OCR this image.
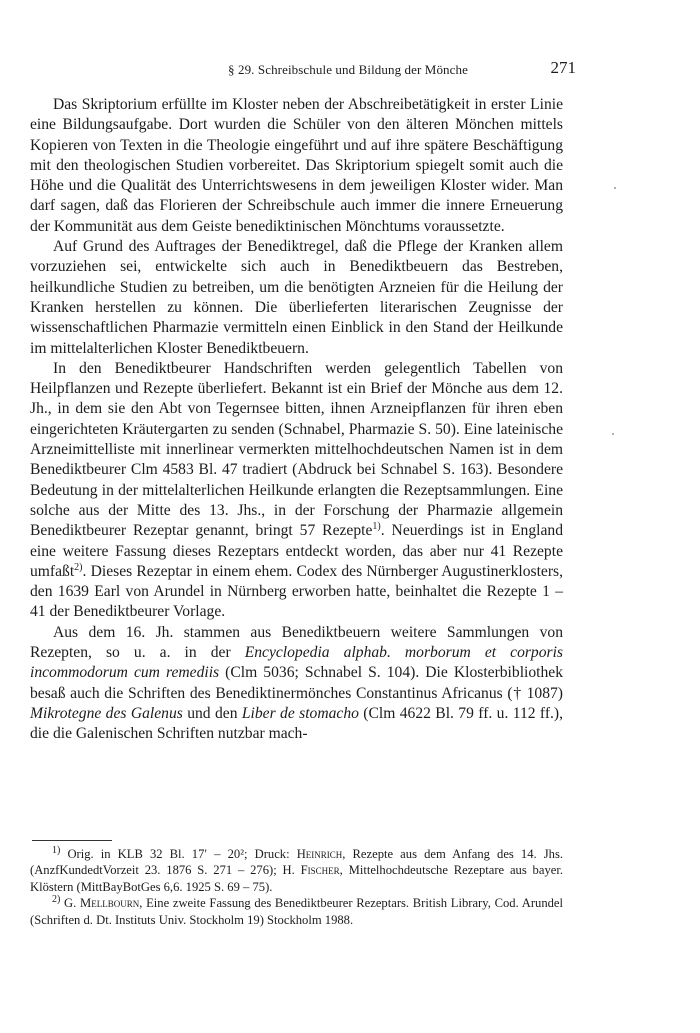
§ 29. Schreibschule und Bildung der Mönche	271

Das Skriptorium erfüllte im Kloster neben der Abschreibetätigkeit in erster Linie eine Bildungsaufgabe. Dort wurden die Schüler von den älteren Mönchen mittels Kopieren von Texten in die Theologie eingeführt und auf ihre spätere Beschäftigung mit den theologischen Studien vorbereitet. Das Skriptorium spiegelt somit auch die Höhe und die Qualität des Unterrichtswesens in dem jeweiligen Kloster wider. Man darf sagen, daß das Florieren der Schreibschule auch immer die innere Erneuerung der Kommunität aus dem Geiste benediktinischen Mönchtums voraussetzte.

Auf Grund des Auftrages der Benediktregel, daß die Pflege der Kranken allem vorzuziehen sei, entwickelte sich auch in Benediktbeuern das Bestreben, heilkundliche Studien zu betreiben, um die benötigten Arzneien für die Heilung der Kranken herstellen zu können. Die überlieferten literarischen Zeugnisse der wissenschaftlichen Pharmazie vermitteln einen Einblick in den Stand der Heilkunde im mittelalterlichen Kloster Benediktbeuern.

In den Benediktbeurer Handschriften werden gelegentlich Tabellen von Heilpflanzen und Rezepte überliefert. Bekannt ist ein Brief der Mönche aus dem 12. Jh., in dem sie den Abt von Tegernsee bitten, ihnen Arzneipflanzen für ihren eben eingerichteten Kräutergarten zu senden (Schnabel, Pharmazie S. 50). Eine lateinische Arzneimittelliste mit innerlinear vermerkten mittelhochdeutschen Namen ist in dem Benediktbeurer Clm 4583 Bl. 47 tradiert (Abdruck bei Schnabel S. 163). Besondere Bedeutung in der mittelalterlichen Heilkunde erlangten die Rezeptsammlungen. Eine solche aus der Mitte des 13. Jhs., in der Forschung der Pharmazie allgemein Benediktbeurer Rezeptar genannt, bringt 57 Rezepte$^{1)}$. Neuerdings ist in England eine weitere Fassung dieses Rezeptars entdeckt worden, das aber nur 41 Rezepte umfaßt$^{2)}$. Dieses Rezeptar in einem ehem. Codex des Nürnberger Augustinerklosters, den 1639 Earl von Arundel in Nürnberg erworben hatte, beinhaltet die Rezepte 1 – 41 der Benediktbeurer Vorlage.

Aus dem 16. Jh. stammen aus Benediktbeuern weitere Sammlungen von Rezepten, so u. a. in der Encyclopedia alphab. morborum et corporis incommodorum cum remediis (Clm 5036; Schnabel S. 104). Die Klosterbibliothek besaß auch die Schriften des Benediktinermönches Constantinus Africanus († 1087) Mikrotegne des Galenus und den Liber de stomacho (Clm 4622 Bl. 79 ff. u. 112 ff.), die die Galenischen Schriften nutzbar mach-

$^{1)}$ Orig. in KLB 32 Bl. 17′ – 20²; Druck: Heinrich, Rezepte aus dem Anfang des 14. Jhs. (AnzfKundedtVorzeit 23. 1876 S. 271 – 276); H. Fischer, Mittelhochdeutsche Rezeptare aus bayer. Klöstern (MittBayBotGes 6,6. 1925 S. 69 – 75).

$^{2)}$ G. Mellbourn, Eine zweite Fassung des Benediktbeurer Rezeptars. British Library, Cod. Arundel (Schriften d. Dt. Instituts Univ. Stockholm 19) Stockholm 1988.
